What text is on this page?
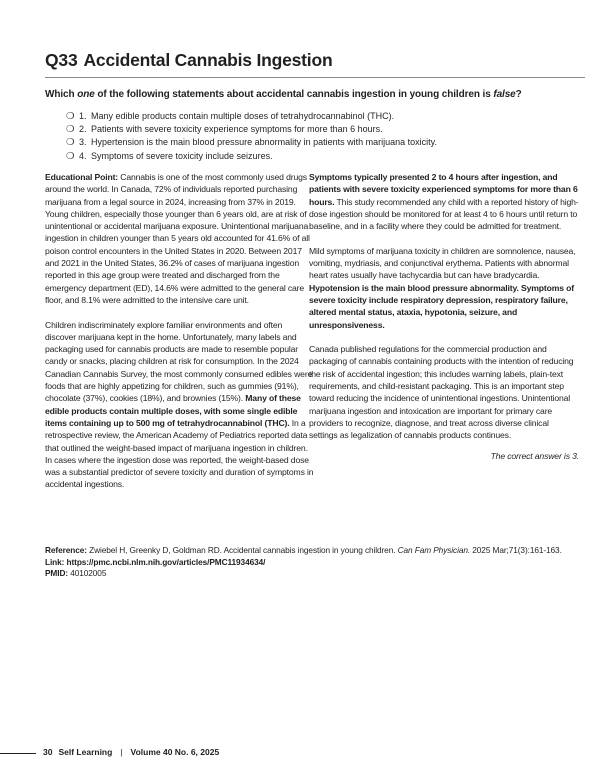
Q33 Accidental Cannabis Ingestion
Which one of the following statements about accidental cannabis ingestion in young children is false?
❍ 1. Many edible products contain multiple doses of tetrahydrocannabinol (THC).
❍ 2. Patients with severe toxicity experience symptoms for more than 6 hours.
❍ 3. Hypertension is the main blood pressure abnormality in patients with marijuana toxicity.
❍ 4. Symptoms of severe toxicity include seizures.

Educational Point: Cannabis is one of the most commonly used drugs around the world. In Canada, 72% of individuals reported purchasing marijuana from a legal source in 2024, increasing from 37% in 2019. Young children, especially those younger than 6 years old, are at risk of unintentional or accidental marijuana exposure. Unintentional marijuana ingestion in children younger than 5 years old accounted for 41.6% of all poison control encounters in the United States in 2020. Between 2017 and 2021 in the United States, 36.2% of cases of marijuana ingestion reported in this age group were treated and discharged from the emergency department (ED), 14.6% were admitted to the general care floor, and 8.1% were admitted to the intensive care unit.

Children indiscriminately explore familiar environments and often discover marijuana kept in the home. Unfortunately, many labels and packaging used for cannabis products are made to resemble popular candy or snacks, placing children at risk for consumption. In the 2024 Canadian Cannabis Survey, the most commonly consumed edibles were foods that are highly appetizing for children, such as gummies (91%), chocolate (37%), cookies (18%), and brownies (15%). Many of these edible products contain multiple doses, with some single edible items containing up to 500 mg of tetrahydrocannabinol (THC). In a retrospective review, the American Academy of Pediatrics reported data that outlined the weight-based impact of marijuana ingestion in children. In cases where the ingestion dose was reported, the weight-based dose was a substantial predictor of severe toxicity and duration of symptoms in accidental ingestions.

Symptoms typically presented 2 to 4 hours after ingestion, and patients with severe toxicity experienced symptoms for more than 6 hours. This study recommended any child with a reported history of high-dose ingestion should be monitored for at least 4 to 6 hours until return to baseline, and in a facility where they could be admitted for treatment.

Mild symptoms of marijuana toxicity in children are somnolence, nausea, vomiting, mydriasis, and conjunctival erythema. Patients with abnormal heart rates usually have tachycardia but can have bradycardia. Hypotension is the main blood pressure abnormality. Symptoms of severe toxicity include respiratory depression, respiratory failure, altered mental status, ataxia, hypotonia, seizure, and unresponsiveness.

Canada published regulations for the commercial production and packaging of cannabis containing products with the intention of reducing the risk of accidental ingestion; this includes warning labels, plain-text requirements, and child-resistant packaging. This is an important step toward reducing the incidence of unintentional ingestions. Unintentional marijuana ingestion and intoxication are important for primary care providers to recognize, diagnose, and treat across diverse clinical settings as legalization of cannabis products continues.

The correct answer is 3.

Reference: Zwiebel H, Greenky D, Goldman RD. Accidental cannabis ingestion in young children. Can Fam Physician. 2025 Mar;71(3):161-163.
Link: https://pmc.ncbi.nlm.nih.gov/articles/PMC11934634/
PMID: 40102005
30 Self Learning | Volume 40 No. 6, 2025
